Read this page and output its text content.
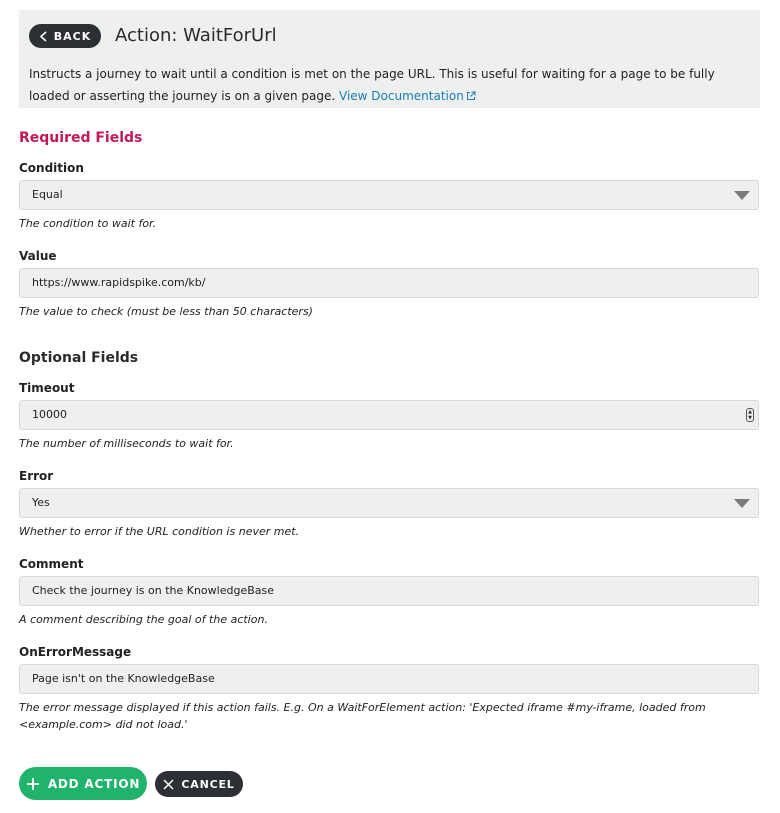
BACK Action: WaitForUrl
Instructs a journey to wait until a condition is met on the page URL. This is useful for waiting for a page to be fully loaded or asserting the journey is on a given page. View Documentation
Required Fields
Condition
Equal
The condition to wait for.
Value
https://www.rapidspike.com/kb/
The value to check (must be less than 50 characters)
Optional Fields
Timeout
10000	▲
▼
The number of milliseconds to wait for.
Error
Yes
Whether to error if the URL condition is never met.
Comment
Check the journey is on the KnowledgeBase
A comment describing the goal of the action.
OnErrorMessage
Page isn't on the KnowledgeBase
The error message displayed if this action fails. E.g. On a WaitForElement action: 'Expected iframe #my-iframe, loaded from <example.com> did not load.'
ADD ACTION	CANCEL
